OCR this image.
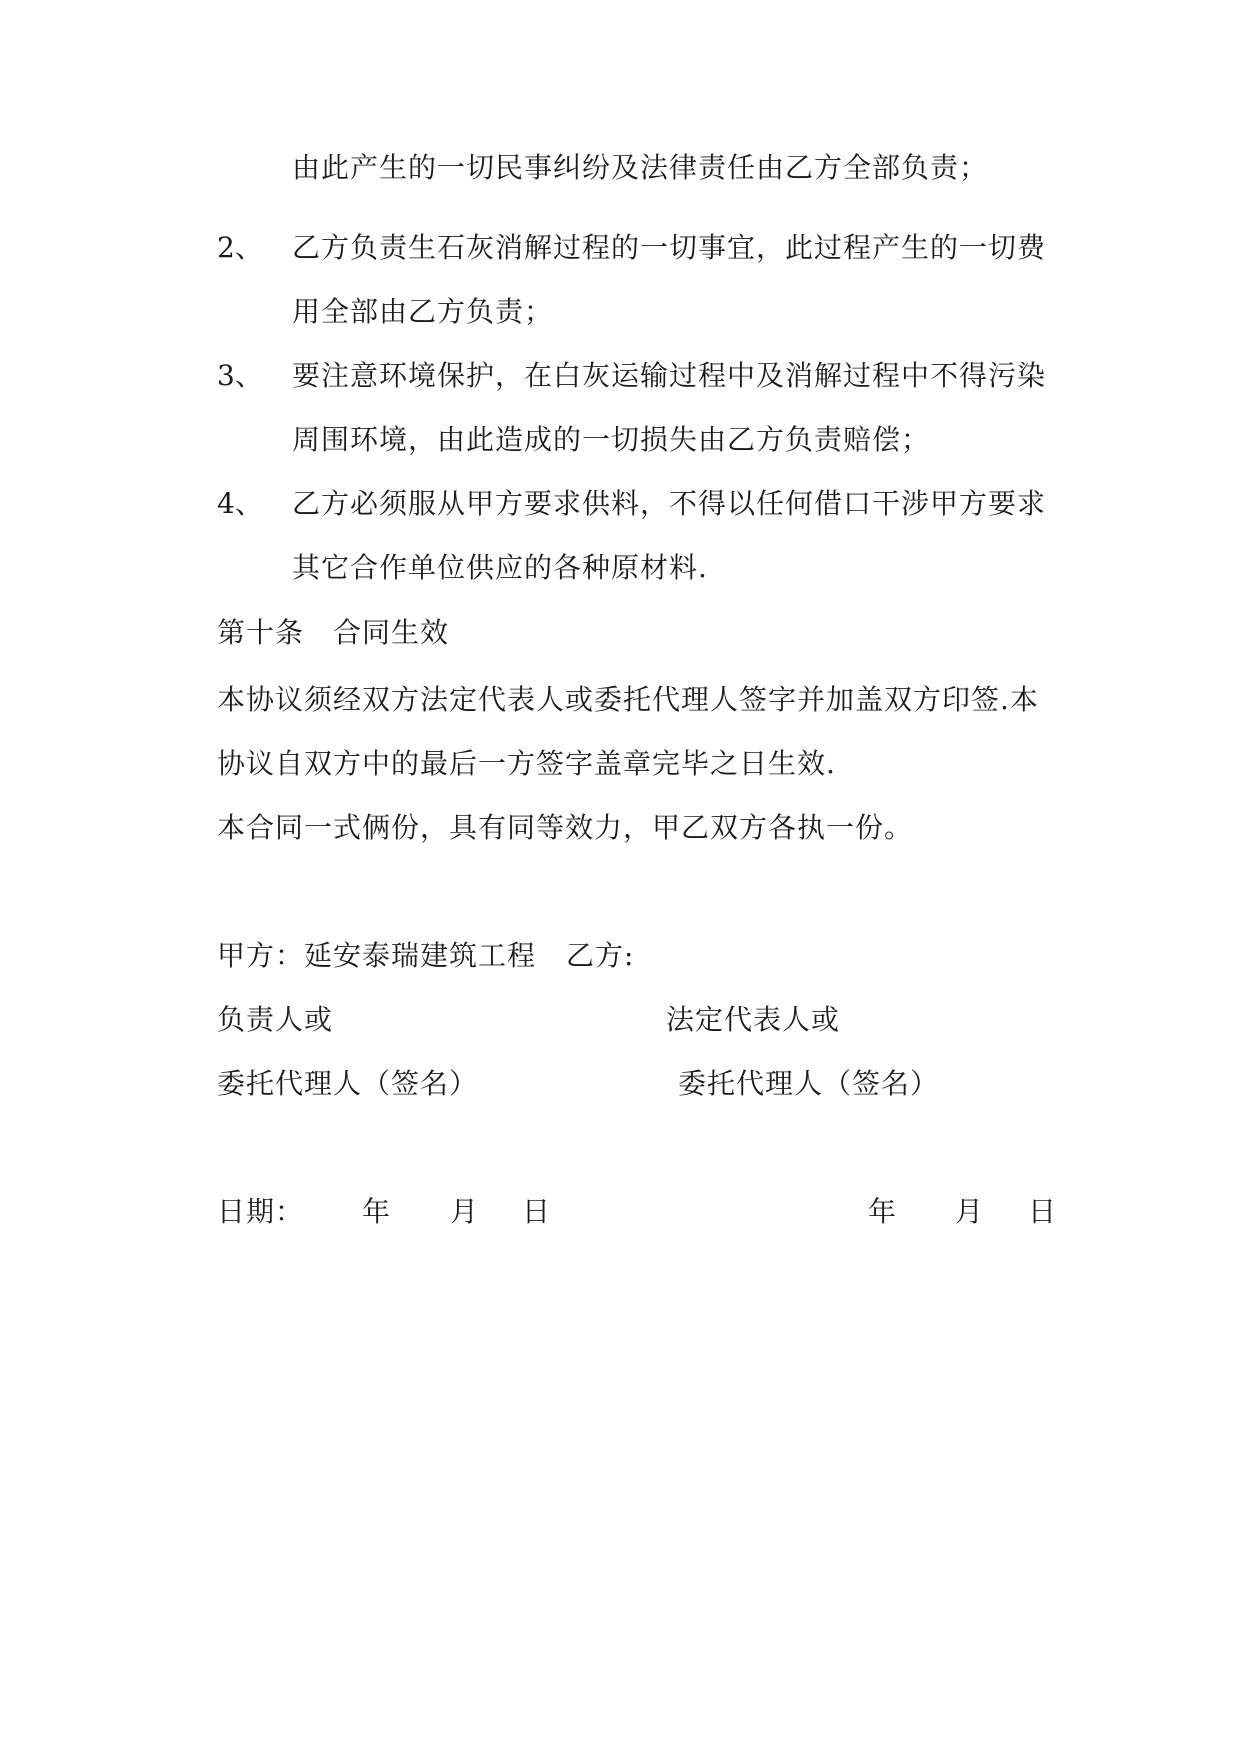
由此产生的一切民事纠纷及法律责任由乙方全部负责；
2、 乙方负责生石灰消解过程的一切事宜，此过程产生的一切费
用全部由乙方负责；
3、 要注意环境保护，在白灰运输过程中及消解过程中不得污染
周围环境，由此造成的一切损失由乙方负责赔偿；
4、 乙方必须服从甲方要求供料，不得以任何借口干涉甲方要求
其它合作单位供应的各种原材料.
第十条　合同生效
本协议须经双方法定代表人或委托代理人签字并加盖双方印签.本
协议自双方中的最后一方签字盖章完毕之日生效.
本合同一式俩份，具有同等效力，甲乙双方各执一份。
甲方：延安泰瑞建筑工程 乙方:
负责人或	法定代表人或
委托代理人（签名）	委托代理人（签名）
日期： 年 月 日	年 月 日
